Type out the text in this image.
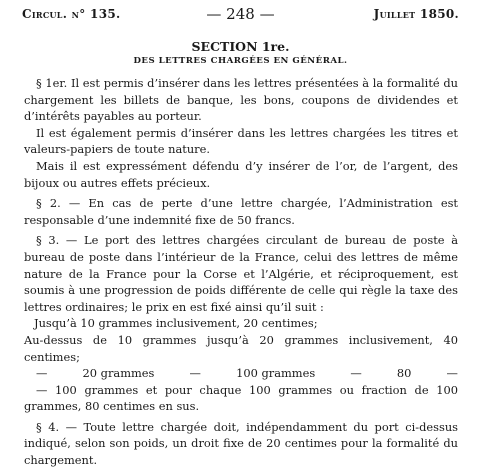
Circul. n° 135.	— 248 —	Juillet 1850.
SECTION 1re.
DES LETTRES CHARGÉES EN GÉNÉRAL.

§ 1er. Il est permis d’insérer dans les lettres présentées à la formalité du chargement les billets de banque, les bons, coupons de dividendes et d’intérêts payables au porteur.

Il est également permis d’insérer dans les lettres chargées les titres et valeurs-papiers de toute nature.

Mais il est expressément défendu d’y insérer de l’or, de l’argent, des bijoux ou autres effets précieux.

§ 2. — En cas de perte d’une lettre chargée, l’Administration est responsable d’une indemnité fixe de 50 francs.

§ 3. — Le port des lettres chargées circulant de bureau de poste à bureau de poste dans l’intérieur de la France, celui des lettres de même nature de la France pour la Corse et l’Algérie, et réciproquement, est soumis à une progression de poids différente de celle qui règle la taxe des lettres ordinaires; le prix en est fixé ainsi qu’il suit :

Jusqu’à 10 grammes inclusivement, 20 centimes;

Au-dessus de 10 grammes jusqu’à 20 grammes inclusivement, 40 centimes;

—	20 grammes	—	100 grammes	—	80	—

— 100 grammes et pour chaque 100 grammes ou fraction de 100 grammes, 80 centimes en sus.

§ 4. — Toute lettre chargée doit, indépendamment du port ci-dessus indiqué, selon son poids, un droit fixe de 20 centimes pour la formalité du chargement.
